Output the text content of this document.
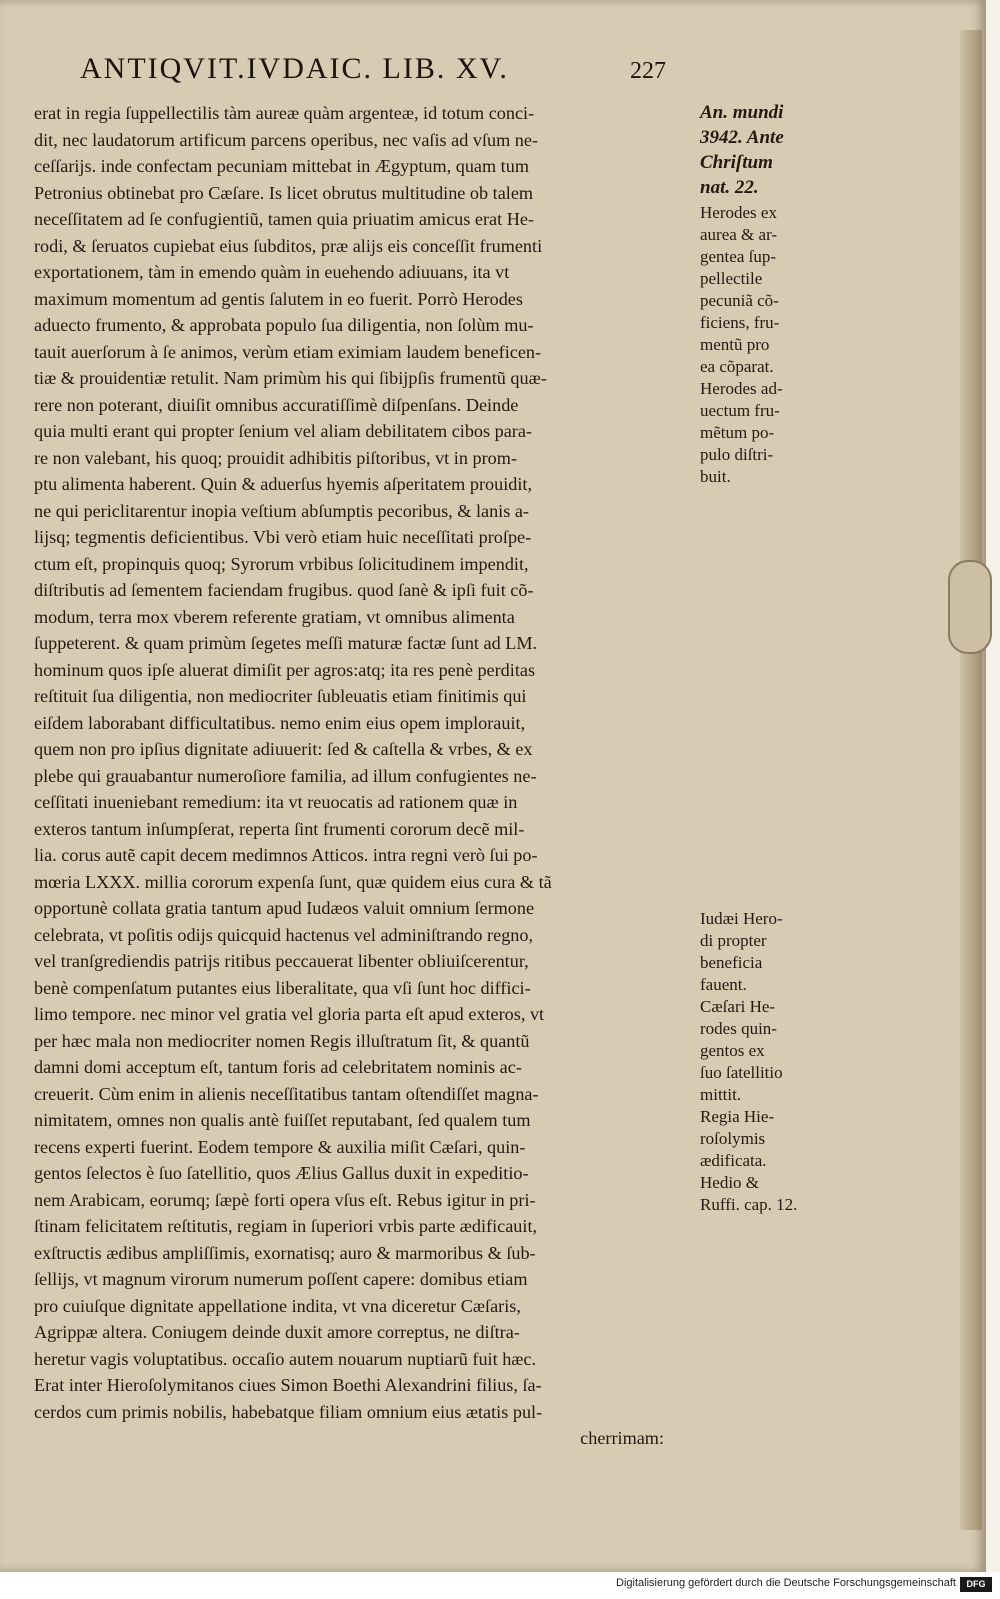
ANTIQVIT.IVDAIC. LIB. XV.	227
erat in regia ſuppellectilis tàm aureæ quàm argenteæ, id totum conci-
dit, nec laudatorum artificum parcens operibus, nec vaſis ad vſum ne-
ceſſarijs. inde confectam pecuniam mittebat in Ægyptum, quam tum
Petronius obtinebat pro Cæſare. Is licet obrutus multitudine ob talem
neceſſitatem ad ſe confugientiũ, tamen quia priuatim amicus erat He-
rodi, & ſeruatos cupiebat eius ſubditos, præ alijs eis conceſſit frumenti
exportationem, tàm in emendo quàm in euehendo adiuuans, ita vt
maximum momentum ad gentis ſalutem in eo fuerit. Porrò Herodes
aduecto frumento, & approbata populo ſua diligentia, non ſolùm mu-
tauit auerſorum à ſe animos, verùm etiam eximiam laudem beneficen-
tiæ & prouidentiæ retulit. Nam primùm his qui ſibijpſis frumentũ quæ-
rere non poterant, diuiſit omnibus accuratiſſimè diſpenſans. Deinde
quia multi erant qui propter ſenium vel aliam debilitatem cibos para-
re non valebant, his quoq; prouidit adhibitis piſtoribus, vt in prom-
ptu alimenta haberent. Quin & aduerſus hyemis aſperitatem prouidit,
ne qui periclitarentur inopia veſtium abſumptis pecoribus, & lanis a-
lijsq; tegmentis deficientibus. Vbi verò etiam huic neceſſitati proſpe-
ctum eſt, propinquis quoq; Syrorum vrbibus ſolicitudinem impendit,
diſtributis ad ſementem faciendam frugibus. quod ſanè & ipſi fuit cõ-
modum, terra mox vberem referente gratiam, vt omnibus alimenta
ſuppeterent. & quam primùm ſegetes meſſi maturæ factæ ſunt ad LM.
hominum quos ipſe aluerat dimiſit per agros:atq; ita res penè perditas
reſtituit ſua diligentia, non mediocriter ſubleuatis etiam finitimis qui
eiſdem laborabant difficultatibus. nemo enim eius opem implorauit,
quem non pro ipſius dignitate adiuuerit: ſed & caſtella & vrbes, & ex
plebe qui grauabantur numeroſiore familia, ad illum confugientes ne-
ceſſitati inueniebant remedium: ita vt reuocatis ad rationem quæ in
exteros tantum inſumpſerat, reperta ſint frumenti cororum decẽ mil-
lia. corus autẽ capit decem medimnos Atticos. intra regni verò ſui po-
mœria LXXX. millia cororum expenſa ſunt, quæ quidem eius cura & tã
opportunè collata gratia tantum apud Iudæos valuit omnium ſermone
celebrata, vt poſitis odijs quicquid hactenus vel adminiſtrando regno,
vel tranſgrediendis patrijs ritibus peccauerat libenter obliuiſcerentur,
benè compenſatum putantes eius liberalitate, qua vſi ſunt hoc diffici-
limo tempore. nec minor vel gratia vel gloria parta eſt apud exteros, vt
per hæc mala non mediocriter nomen Regis illuſtratum ſit, & quantũ
damni domi acceptum eſt, tantum foris ad celebritatem nominis ac-
creuerit. Cùm enim in alienis neceſſitatibus tantam oſtendiſſet magna-
nimitatem, omnes non qualis antè fuiſſet reputabant, ſed qualem tum
recens experti fuerint. Eodem tempore & auxilia miſit Cæſari, quin-
gentos ſelectos è ſuo ſatellitio, quos Ælius Gallus duxit in expeditio-
nem Arabicam, eorumq; ſæpè forti opera vſus eſt. Rebus igitur in pri-
ſtinam felicitatem reſtitutis, regiam in ſuperiori vrbis parte ædificauit,
exſtructis ædibus ampliſſimis, exornatisq; auro & marmoribus & ſub-
ſellijs, vt magnum virorum numerum poſſent capere: domibus etiam
pro cuiuſque dignitate appellatione indita, vt vna diceretur Cæſaris,
Agrippæ altera. Coniugem deinde duxit amore correptus, ne diſtra-
heretur vagis voluptatibus. occaſio autem nouarum nuptiarũ fuit hæc.
Erat inter Hieroſolymitanos ciues Simon Boethi Alexandrini filius, ſa-
cerdos cum primis nobilis, habebatque filiam omnium eius ætatis pul-
cherrimam:
An. mundi
3942. Ante
Chriſtum
nat. 22.
Herodes ex
aurea & ar-
gentea ſup-
pellectile
pecuniã cõ-
ficiens, fru-
mentũ pro
ea cõparat.
Herodes ad-
uectum fru-
mẽtum po-
pulo diſtri-
buit.
Iudæi Hero-
di propter
beneficia
fauent.
Cæſari He-
rodes quin-
gentos ex
ſuo ſatellitio
mittit.
Regia Hie-
roſolymis
ædificata.
Hedio &
Ruffi. cap. 12.
Digitalisierung gefördert durch die Deutsche Forschungsgemeinschaft	DFG
